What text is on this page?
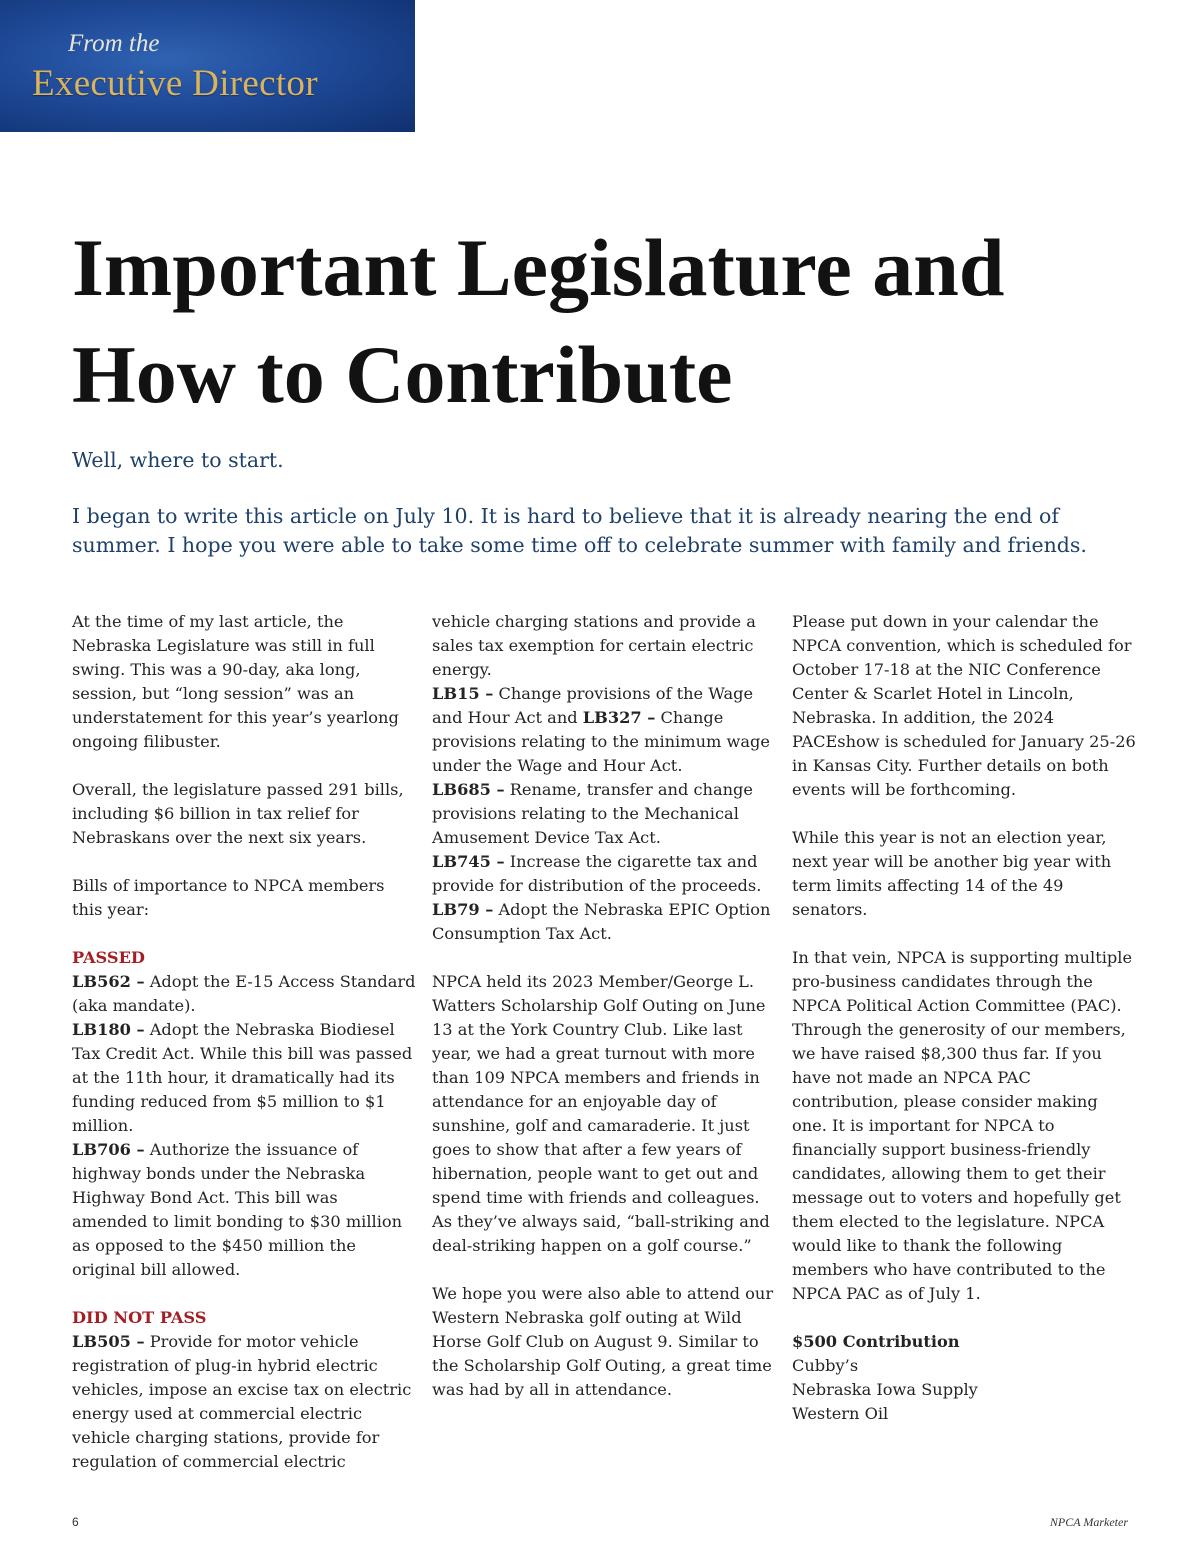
From the
Executive Director
Important Legislature and
How to Contribute

Well, where to start.

I began to write this article on July 10. It is hard to believe that it is already nearing the end of summer. I hope you were able to take some time off to celebrate summer with family and friends.

At the time of my last article, the Nebraska Legislature was still in full swing. This was a 90-day, aka long, session, but “long session” was an understatement for this year’s yearlong ongoing filibuster.

Overall, the legislature passed 291 bills, including $6 billion in tax relief for Nebraskans over the next six years.

Bills of importance to NPCA members this year:

PASSED

LB562 – Adopt the E-15 Access Standard (aka mandate).

LB180 – Adopt the Nebraska Biodiesel Tax Credit Act. While this bill was passed at the 11th hour, it dramatically had its funding reduced from $5 million to $1 million.

LB706 – Authorize the issuance of highway bonds under the Nebraska Highway Bond Act. This bill was amended to limit bonding to $30 million as opposed to the $450 million the original bill allowed.

DID NOT PASS

LB505 – Provide for motor vehicle registration of plug-in hybrid electric vehicles, impose an excise tax on electric energy used at commercial electric vehicle charging stations, provide for regulation of commercial electric

vehicle charging stations and provide a sales tax exemption for certain electric energy.

LB15 – Change provisions of the Wage and Hour Act and LB327 – Change provisions relating to the minimum wage under the Wage and Hour Act.

LB685 – Rename, transfer and change provisions relating to the Mechanical Amusement Device Tax Act.

LB745 – Increase the cigarette tax and provide for distribution of the proceeds.

LB79 – Adopt the Nebraska EPIC Option Consumption Tax Act.

NPCA held its 2023 Member/George L. Watters Scholarship Golf Outing on June 13 at the York Country Club. Like last year, we had a great turnout with more than 109 NPCA members and friends in attendance for an enjoyable day of sunshine, golf and camaraderie. It just goes to show that after a few years of hibernation, people want to get out and spend time with friends and colleagues. As they’ve always said, “ball-striking and deal-striking happen on a golf course.”

We hope you were also able to attend our Western Nebraska golf outing at Wild Horse Golf Club on August 9. Similar to the Scholarship Golf Outing, a great time was had by all in attendance.

Please put down in your calendar the NPCA convention, which is scheduled for October 17-18 at the NIC Conference Center & Scarlet Hotel in Lincoln, Nebraska. In addition, the 2024 PACEshow is scheduled for January 25-26 in Kansas City. Further details on both events will be forthcoming.

While this year is not an election year, next year will be another big year with term limits affecting 14 of the 49 senators.

In that vein, NPCA is supporting multiple pro-business candidates through the NPCA Political Action Committee (PAC). Through the generosity of our members, we have raised $8,300 thus far. If you have not made an NPCA PAC contribution, please consider making one. It is important for NPCA to financially support business-friendly candidates, allowing them to get their message out to voters and hopefully get them elected to the legislature. NPCA would like to thank the following members who have contributed to the NPCA PAC as of July 1.

$500 Contribution

Cubby’s

Nebraska Iowa Supply

Western Oil

6	NPCA Marketer
